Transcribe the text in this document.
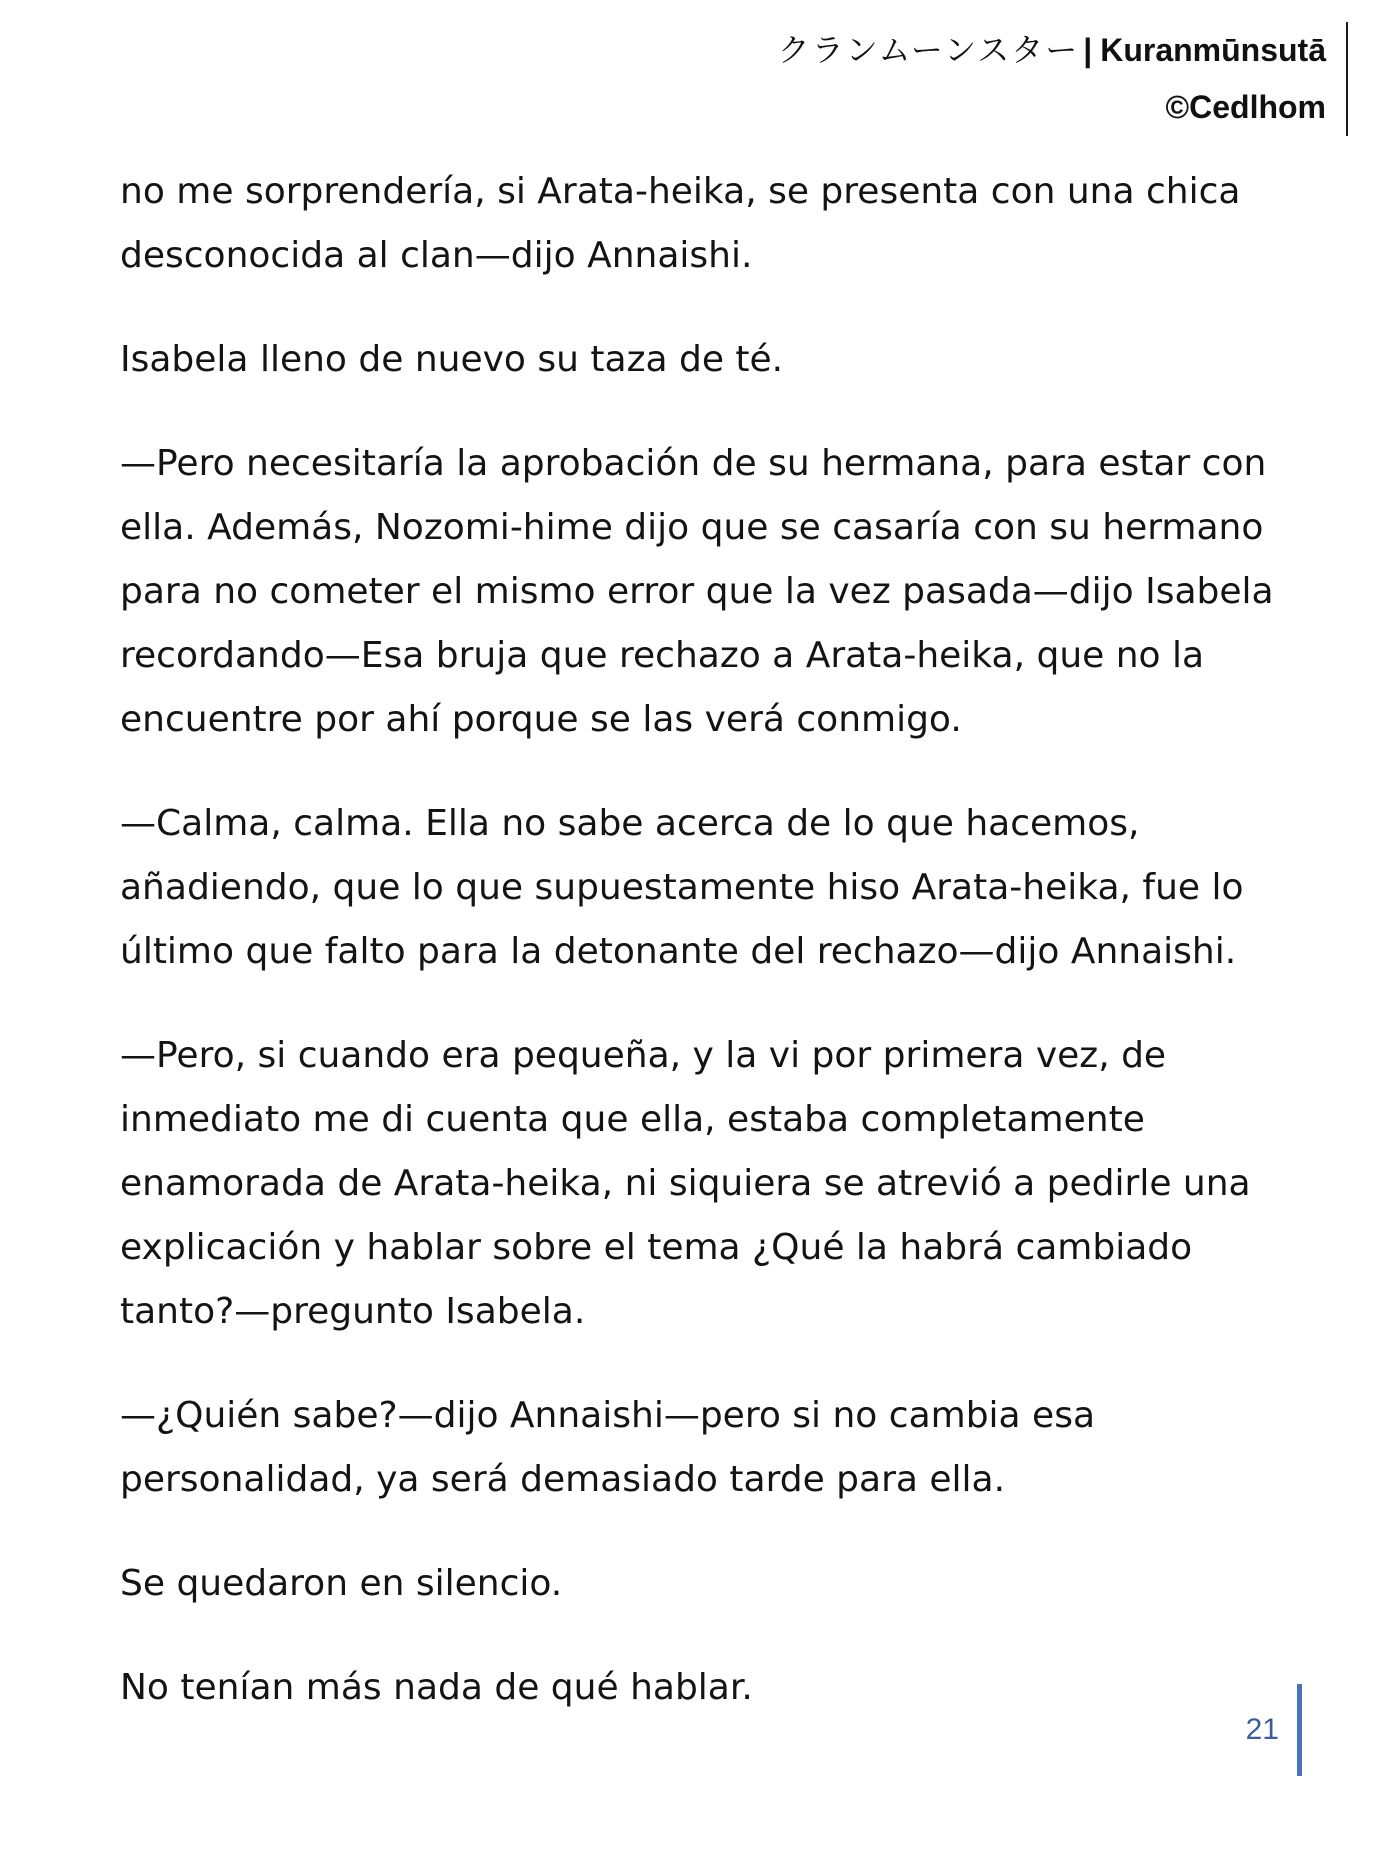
クランムーンスター | Kuranmūnsutā
©Cedlhom

no me sorprendería, si Arata-heika, se presenta con una chica
desconocida al clan—dijo Annaishi.

Isabela lleno de nuevo su taza de té.

—Pero necesitaría la aprobación de su hermana, para estar con
ella. Además, Nozomi-hime dijo que se casaría con su hermano
para no cometer el mismo error que la vez pasada—dijo Isabela
recordando—Esa bruja que rechazo a Arata-heika, que no la
encuentre por ahí porque se las verá conmigo.

—Calma, calma. Ella no sabe acerca de lo que hacemos,
añadiendo, que lo que supuestamente hiso Arata-heika, fue lo
último que falto para la detonante del rechazo—dijo Annaishi.

—Pero, si cuando era pequeña, y la vi por primera vez, de
inmediato me di cuenta que ella, estaba completamente
enamorada de Arata-heika, ni siquiera se atrevió a pedirle una
explicación y hablar sobre el tema ¿Qué la habrá cambiado
tanto?—pregunto Isabela.

—¿Quién sabe?—dijo Annaishi—pero si no cambia esa
personalidad, ya será demasiado tarde para ella.

Se quedaron en silencio.

No tenían más nada de qué hablar.

21
